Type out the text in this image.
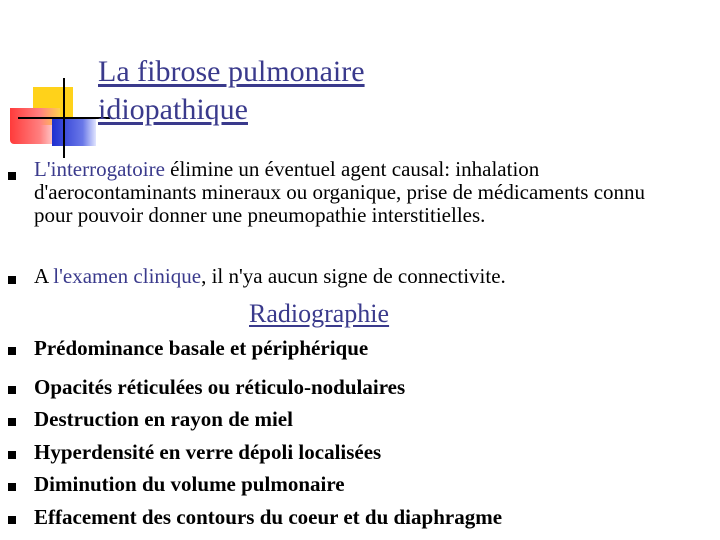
La fibrose pulmonaire
idiopathique
L'interrogatoire élimine un éventuel agent causal: inhalation d'aerocontaminants mineraux ou organique, prise de médicaments connu pour pouvoir donner une pneumopathie interstitielles.
A l'examen clinique, il n'ya aucun signe de connectivite.
Radiographie
Prédominance basale et périphérique
Opacités réticulées ou réticulo-nodulaires
Destruction en rayon de miel
Hyperdensité en verre dépoli localisées
Diminution du volume pulmonaire
Effacement des contours du coeur et du diaphragme
